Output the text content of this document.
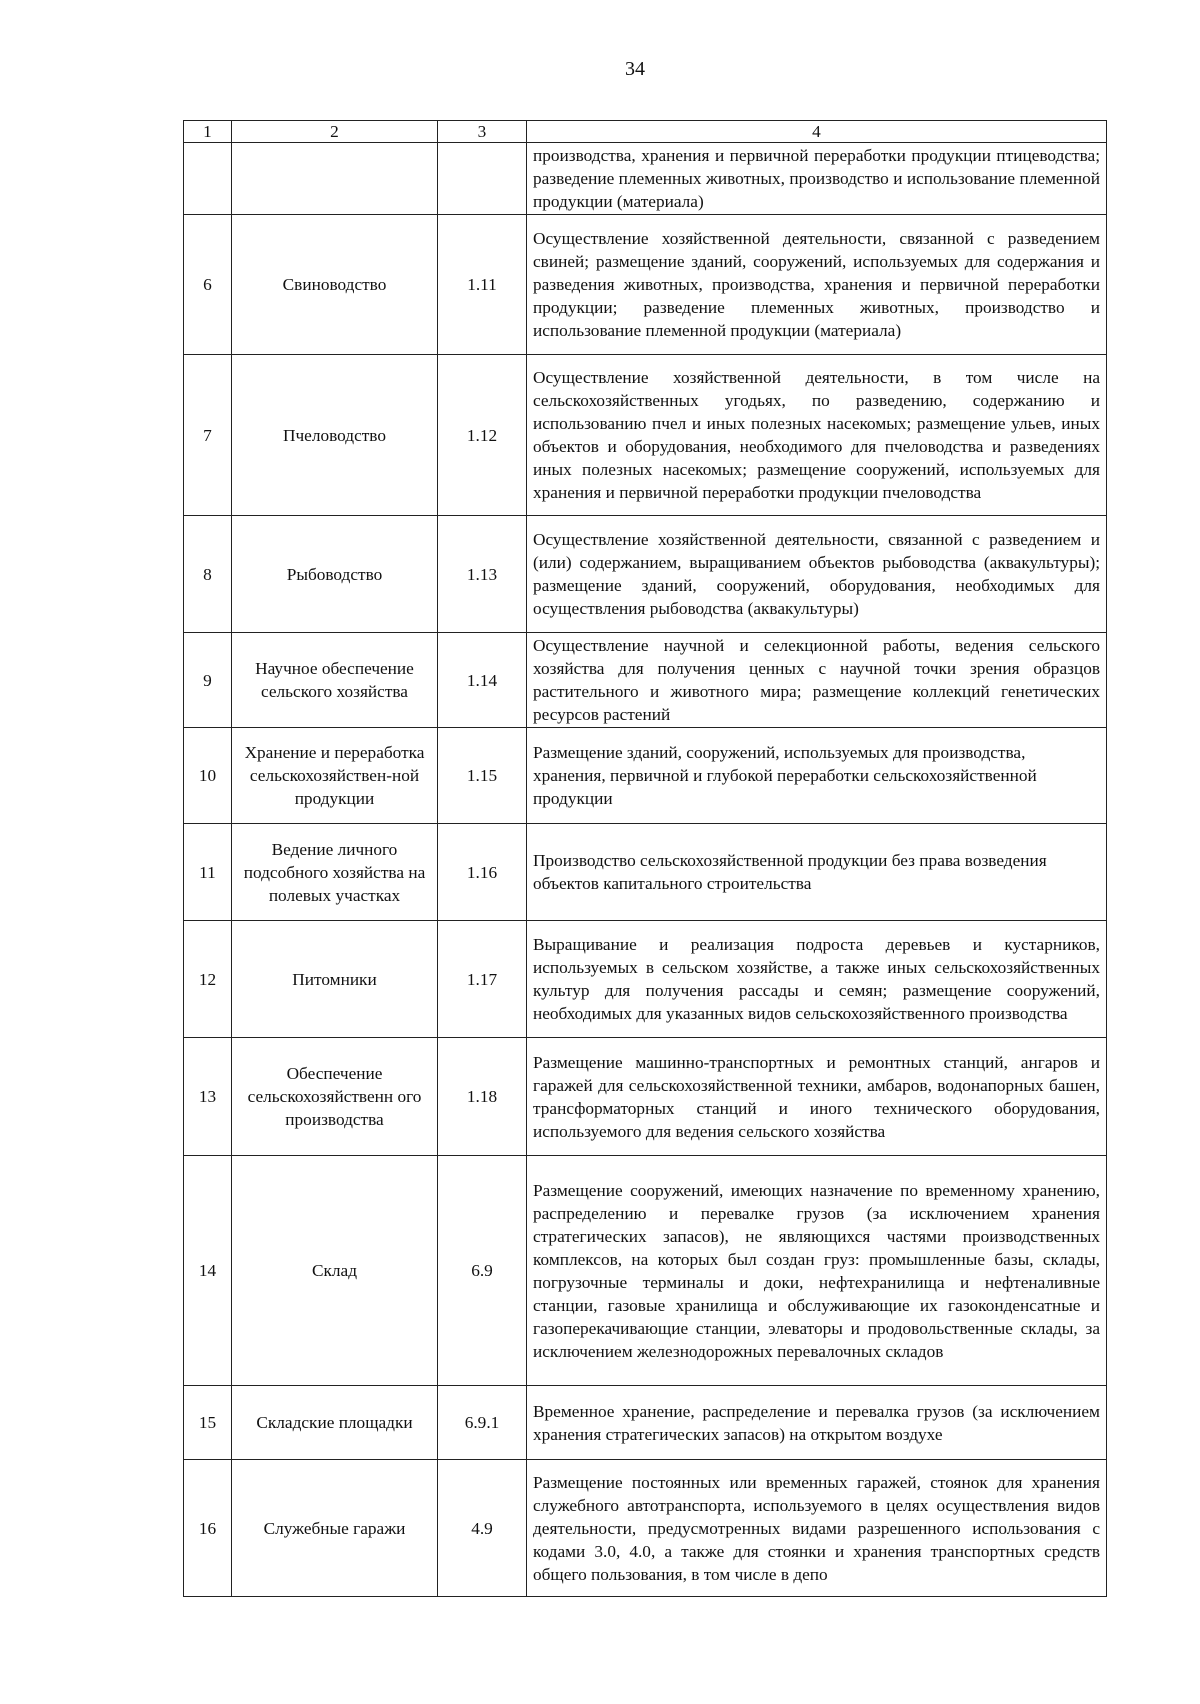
34
1	2	3	4
			производства, хранения и первичной переработки продукции птицеводства; разведение племенных животных, производство и использование племенной продукции (материала)
6	Свиноводство	1.11	Осуществление хозяйственной деятельности, связанной с разведением свиней; размещение зданий, сооружений, используемых для содержания и разведения животных, производства, хранения и первичной переработки продукции; разведение племенных животных, производство и использование племенной продукции (материала)
7	Пчеловодство	1.12	Осуществление хозяйственной деятельности, в том числе на сельскохозяйственных угодьях, по разведению, содержанию и использованию пчел и иных полезных насекомых; размещение ульев, иных объектов и оборудования, необходимого для пчеловодства и разведениях иных полезных насекомых; размещение сооружений, используемых для хранения и первичной переработки продукции пчеловодства
8	Рыбоводство	1.13	Осуществление хозяйственной деятельности, связанной с разведением и (или) содержанием, выращиванием объектов рыбоводства (аквакультуры); размещение зданий, сооружений, оборудования, необходимых для осуществления рыбоводства (аквакультуры)
9	Научное обеспечение сельского хозяйства	1.14	Осуществление научной и селекционной работы, ведения сельского хозяйства для получения ценных с научной точки зрения образцов растительного и животного мира; размещение коллекций генетических ресурсов растений
10	Хранение и переработка сельскохозяйствен-ной продукции	1.15	Размещение зданий, сооружений, используемых для производства, хранения, первичной и глубокой переработки сельскохозяйственной продукции
11	Ведение личного подсобного хозяйства на полевых участках	1.16	Производство сельскохозяйственной продукции без права возведения объектов капитального строительства
12	Питомники	1.17	Выращивание и реализация подроста деревьев и кустарников, используемых в сельском хозяйстве, а также иных сельскохозяйственных культур для получения рассады и семян; размещение сооружений, необходимых для указанных видов сельскохозяйственного производства
13	Обеспечение сельскохозяйственн ого производства	1.18	Размещение машинно-транспортных и ремонтных станций, ангаров и гаражей для сельскохозяйственной техники, амбаров, водонапорных башен, трансформаторных станций и иного технического оборудования, используемого для ведения сельского хозяйства
14	Склад	6.9	Размещение сооружений, имеющих назначение по временному хранению, распределению и перевалке грузов (за исключением хранения стратегических запасов), не являющихся частями производственных комплексов, на которых был создан груз: промышленные базы, склады, погрузочные терминалы и доки, нефтехранилища и нефтеналивные станции, газовые хранилища и обслуживающие их газоконденсатные и газоперекачивающие станции, элеваторы и продовольственные склады, за исключением железнодорожных перевалочных складов
15	Складские площадки	6.9.1	Временное хранение, распределение и перевалка грузов (за исключением хранения стратегических запасов) на открытом воздухе
16	Служебные гаражи	4.9	Размещение постоянных или временных гаражей, стоянок для хранения служебного автотранспорта, используемого в целях осуществления видов деятельности, предусмотренных видами разрешенного использования с кодами 3.0, 4.0, а также для стоянки и хранения транспортных средств общего пользования, в том числе в депо
